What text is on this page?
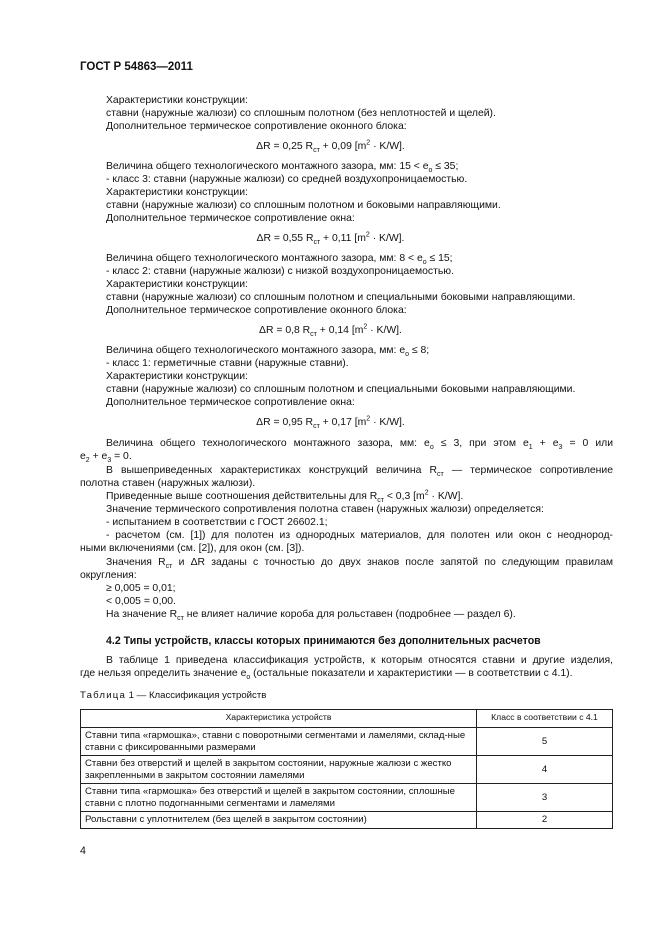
ГОСТ Р 54863—2011
Характеристики конструкции:
ставни (наружные жалюзи) со сплошным полотном (без неплотностей и щелей).
Дополнительное термическое сопротивление оконного блока:
ΔR = 0,25 $R_{ст} + 0,09$ $[m^2 \cdot K/W]$.
Величина общего технологического монтажного зазора, мм: $15 < e_о \le 35$;
- класс 3: ставни (наружные жалюзи) со средней воздухопроницаемостью.
Характеристики конструкции:
ставни (наружные жалюзи) со сплошным полотном и боковыми направляющими.
Дополнительное термическое сопротивление окна:
ΔR = 0,55 $R_{ст} + 0,11$ $[m^2 \cdot K/W]$.
Величина общего технологического монтажного зазора, мм: $8 < e_о \le 15$;
- класс 2: ставни (наружные жалюзи) с низкой воздухопроницаемостью.
Характеристики конструкции:
ставни (наружные жалюзи) со сплошным полотном и специальными боковыми направляющими.
Дополнительное термическое сопротивление оконного блока:
ΔR = 0,8 $R_{ст} + 0,14$ $[m^2 \cdot K/W]$.
Величина общего технологического монтажного зазора, мм: $e_о \le 8$;
- класс 1: герметичные ставни (наружные ставни).
Характеристики конструкции:
ставни (наружные жалюзи) со сплошным полотном и специальными боковыми направляющими.
Дополнительное термическое сопротивление окна:
ΔR = 0,95 $R_{ст} + 0,17$ $[m^2 \cdot K/W]$.
Величина общего технологического монтажного зазора, мм: $e_о \le 3$, при этом $e_1 + e_3 = 0$ или
$e_2 + e_3 = 0$.
В вышеприведенных характеристиках конструкций величина $R_{ст}$ — термическое сопротивление
полотна ставен (наружных жалюзи).
Приведенные выше соотношения действительны для $R_{ст} < 0,3$ $[m^2 \cdot K/W]$.
Значение термического сопротивления полотна ставен (наружных жалюзи) определяется:
- испытанием в соответствии с ГОСТ 26602.1;
- расчетом (см. [1]) для полотен из однородных материалов, для полотен или окон с неоднород-
ными включениями (см. [2]), для окон (см. [3]).
Значения $R_{ст}$ и ΔR заданы с точностью до двух знаков после запятой по следующим правилам
округления:
≥ 0,005 = 0,01;
< 0,005 = 0,00.
На значение $R_{ст}$ не влияет наличие короба для рольставен (подробнее — раздел 6).
4.2 Типы устройств, классы которых принимаются без дополнительных расчетов
В таблице 1 приведена классификация устройств, к которым относятся ставни и другие изделия,
где нельзя определить значение $e_о$ (остальные показатели и характеристики — в соответствии с 4.1).
Таблица 1 — Классификация устройств
Характеристика устройств	Класс в соответствии с 4.1
Ставни типа «гармошка», ставни с поворотными сегментами и ламелями, склад-ные ставни с фиксированными размерами	5
Ставни без отверстий и щелей в закрытом состоянии, наружные жалюзи с жестко закрепленными в закрытом состоянии ламелями	4
Ставни типа «гармошка» без отверстий и щелей в закрытом состоянии, сплошные ставни с плотно подогнанными сегментами и ламелями	3
Рольставни с уплотнителем (без щелей в закрытом состоянии)	2
4
